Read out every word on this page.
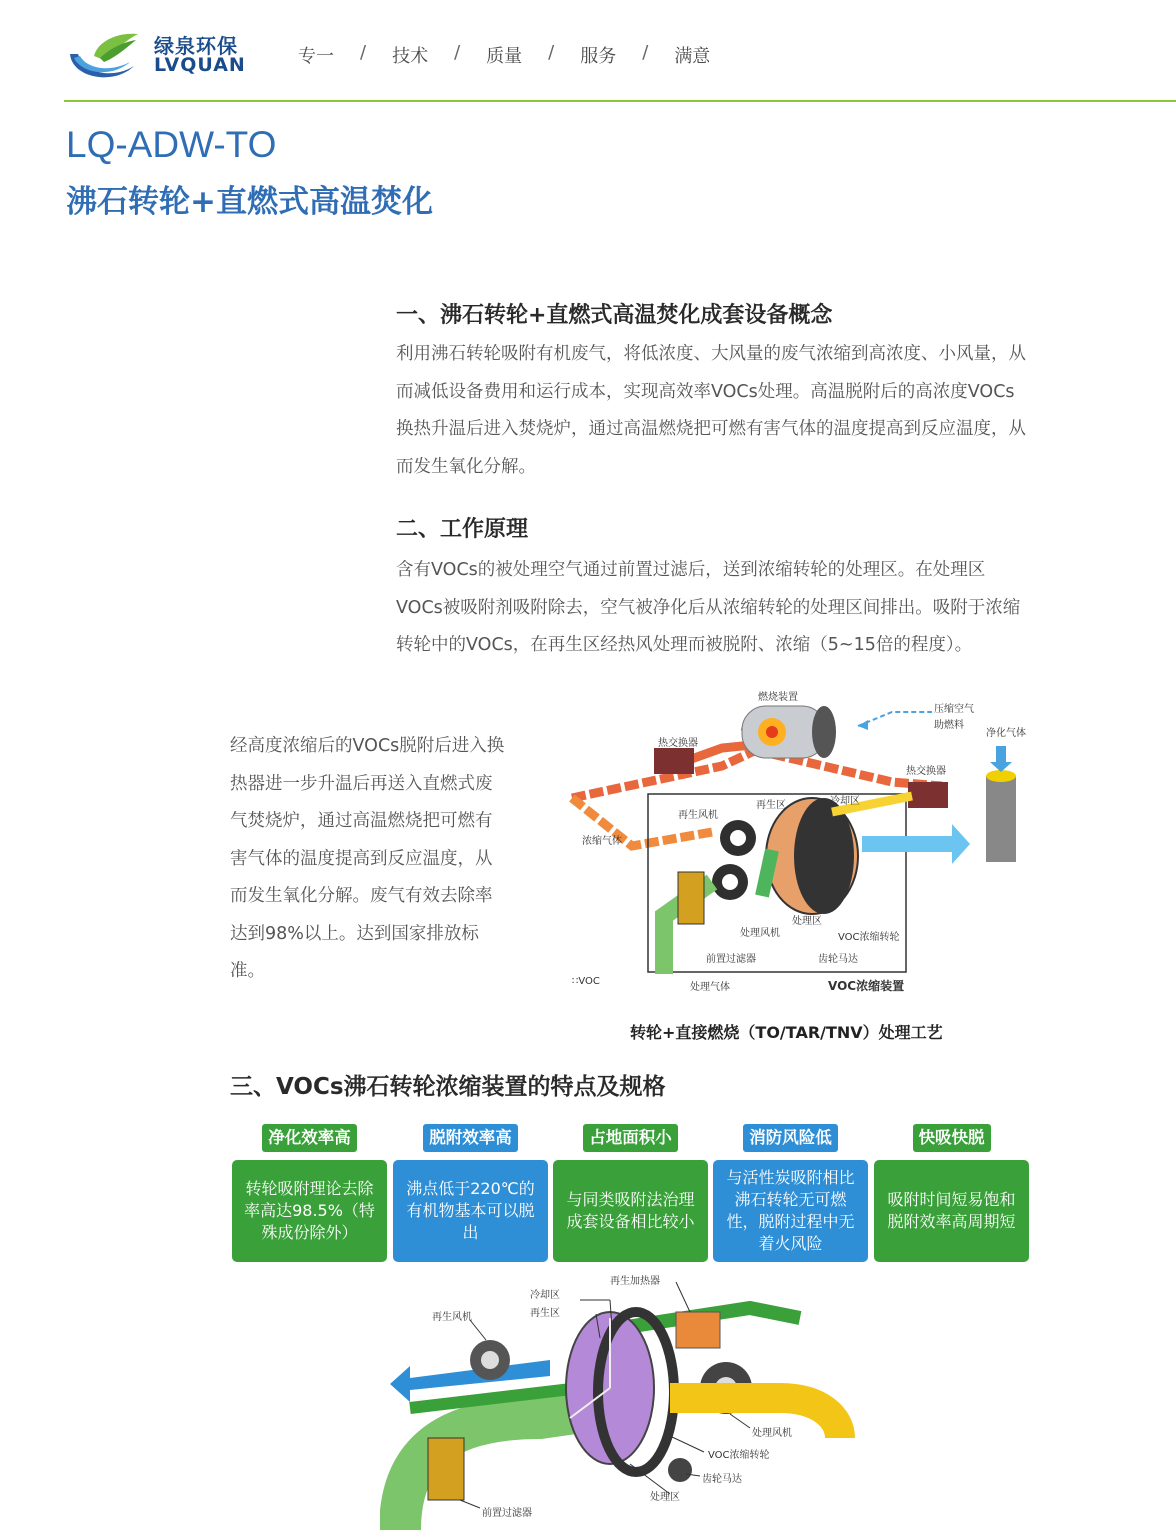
绿泉环保
LVQUAN	专一 / 技术 / 质量 / 服务 / 满意
LQ-ADW-TO
沸石转轮+直燃式高温焚化
一、沸石转轮+直燃式高温焚化成套设备概念
利用沸石转轮吸附有机废气，将低浓度、大风量的废气浓缩到高浓度、小风量，从而减低设备费用和运行成本，实现高效率VOCs处理。高温脱附后的高浓度VOCs换热升温后进入焚烧炉，通过高温燃烧把可燃有害气体的温度提高到反应温度，从而发生氧化分解。
二、工作原理
含有VOCs的被处理空气通过前置过滤后，送到浓缩转轮的处理区。在处理区VOCs被吸附剂吸附除去，空气被净化后从浓缩转轮的处理区间排出。吸附于浓缩转轮中的VOCs，在再生区经热风处理而被脱附、浓缩（5~15倍的程度）。
经高度浓缩后的VOCs脱附后进入换热器进一步升温后再送入直燃式废气焚烧炉，通过高温燃烧把可燃有害气体的温度提高到反应温度，从而发生氧化分解。废气有效去除率达到98%以上。达到国家排放标准。
燃烧装置
压缩空气
助燃料
净化气体
热交换器
热交换器
再生区	冷却区
再生风机
浓缩气体
处理区
处理风机	VOC浓缩转轮
前置过滤器	齿轮马达
处理气体
∷VOC	VOC浓缩装置
转轮+直接燃烧（TO/TAR/TNV）处理工艺
三、VOCs沸石转轮浓缩装置的特点及规格
净化效率高
转轮吸附理论去除率高达98.5%（特殊成份除外）
脱附效率高
沸点低于220℃的有机物基本可以脱出
占地面积小
与同类吸附法治理成套设备相比较小
消防风险低
与活性炭吸附相比沸石转轮无可燃性，脱附过程中无着火风险
快吸快脱
吸附时间短易饱和脱附效率高周期短
冷却区
再生加热器
再生风机	再生区
处理风机
VOC浓缩转轮
齿轮马达
处理区
前置过滤器
